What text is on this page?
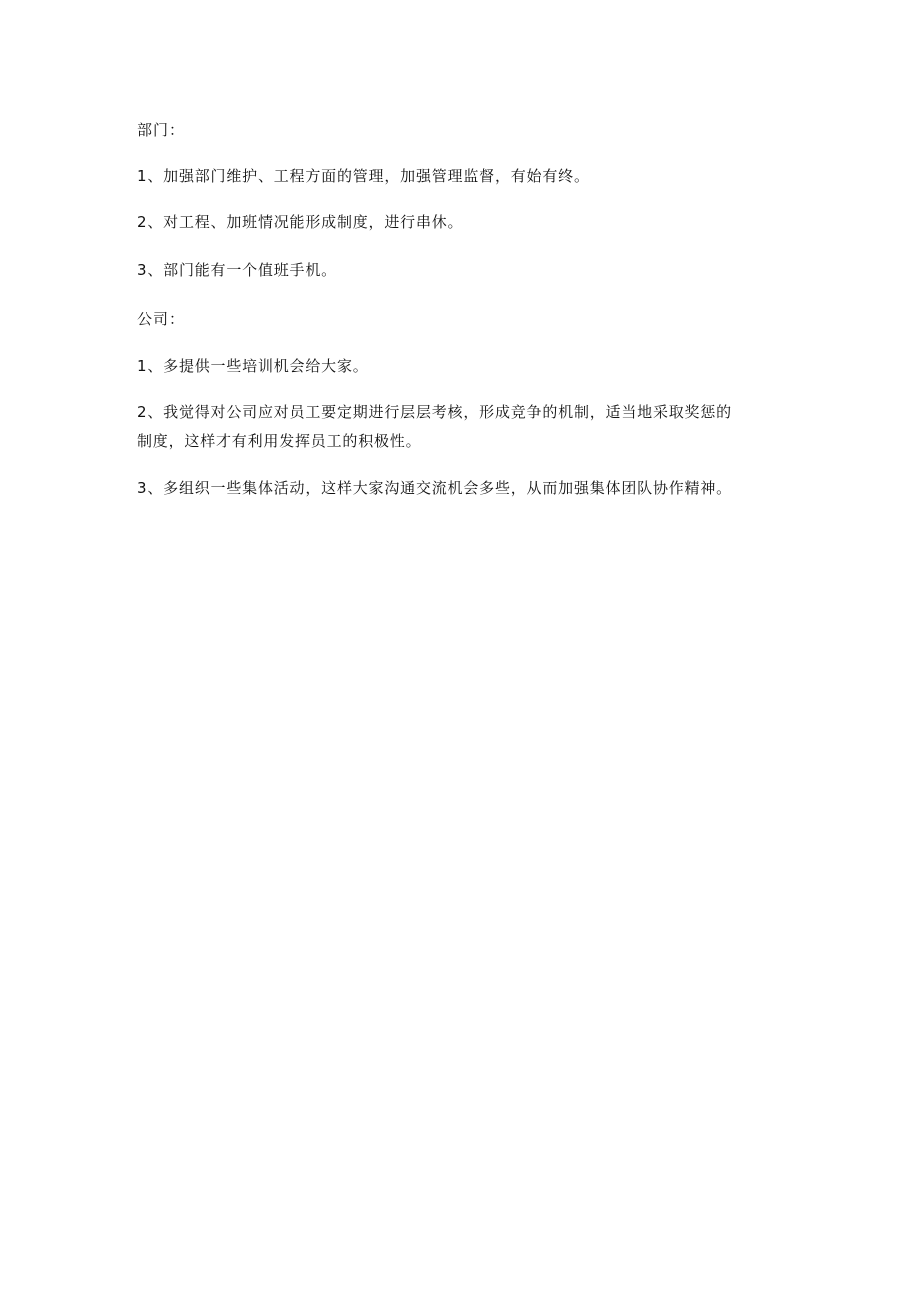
部门：
1、加强部门维护、工程方面的管理，加强管理监督，有始有终。
2、对工程、加班情况能形成制度，进行串休。
3、部门能有一个值班手机。
公司：
1、多提供一些培训机会给大家。
2、我觉得对公司应对员工要定期进行层层考核，形成竞争的机制，适当地采取奖惩的
制度，这样才有利用发挥员工的积极性。
3、多组织一些集体活动，这样大家沟通交流机会多些，从而加强集体团队协作精神。
